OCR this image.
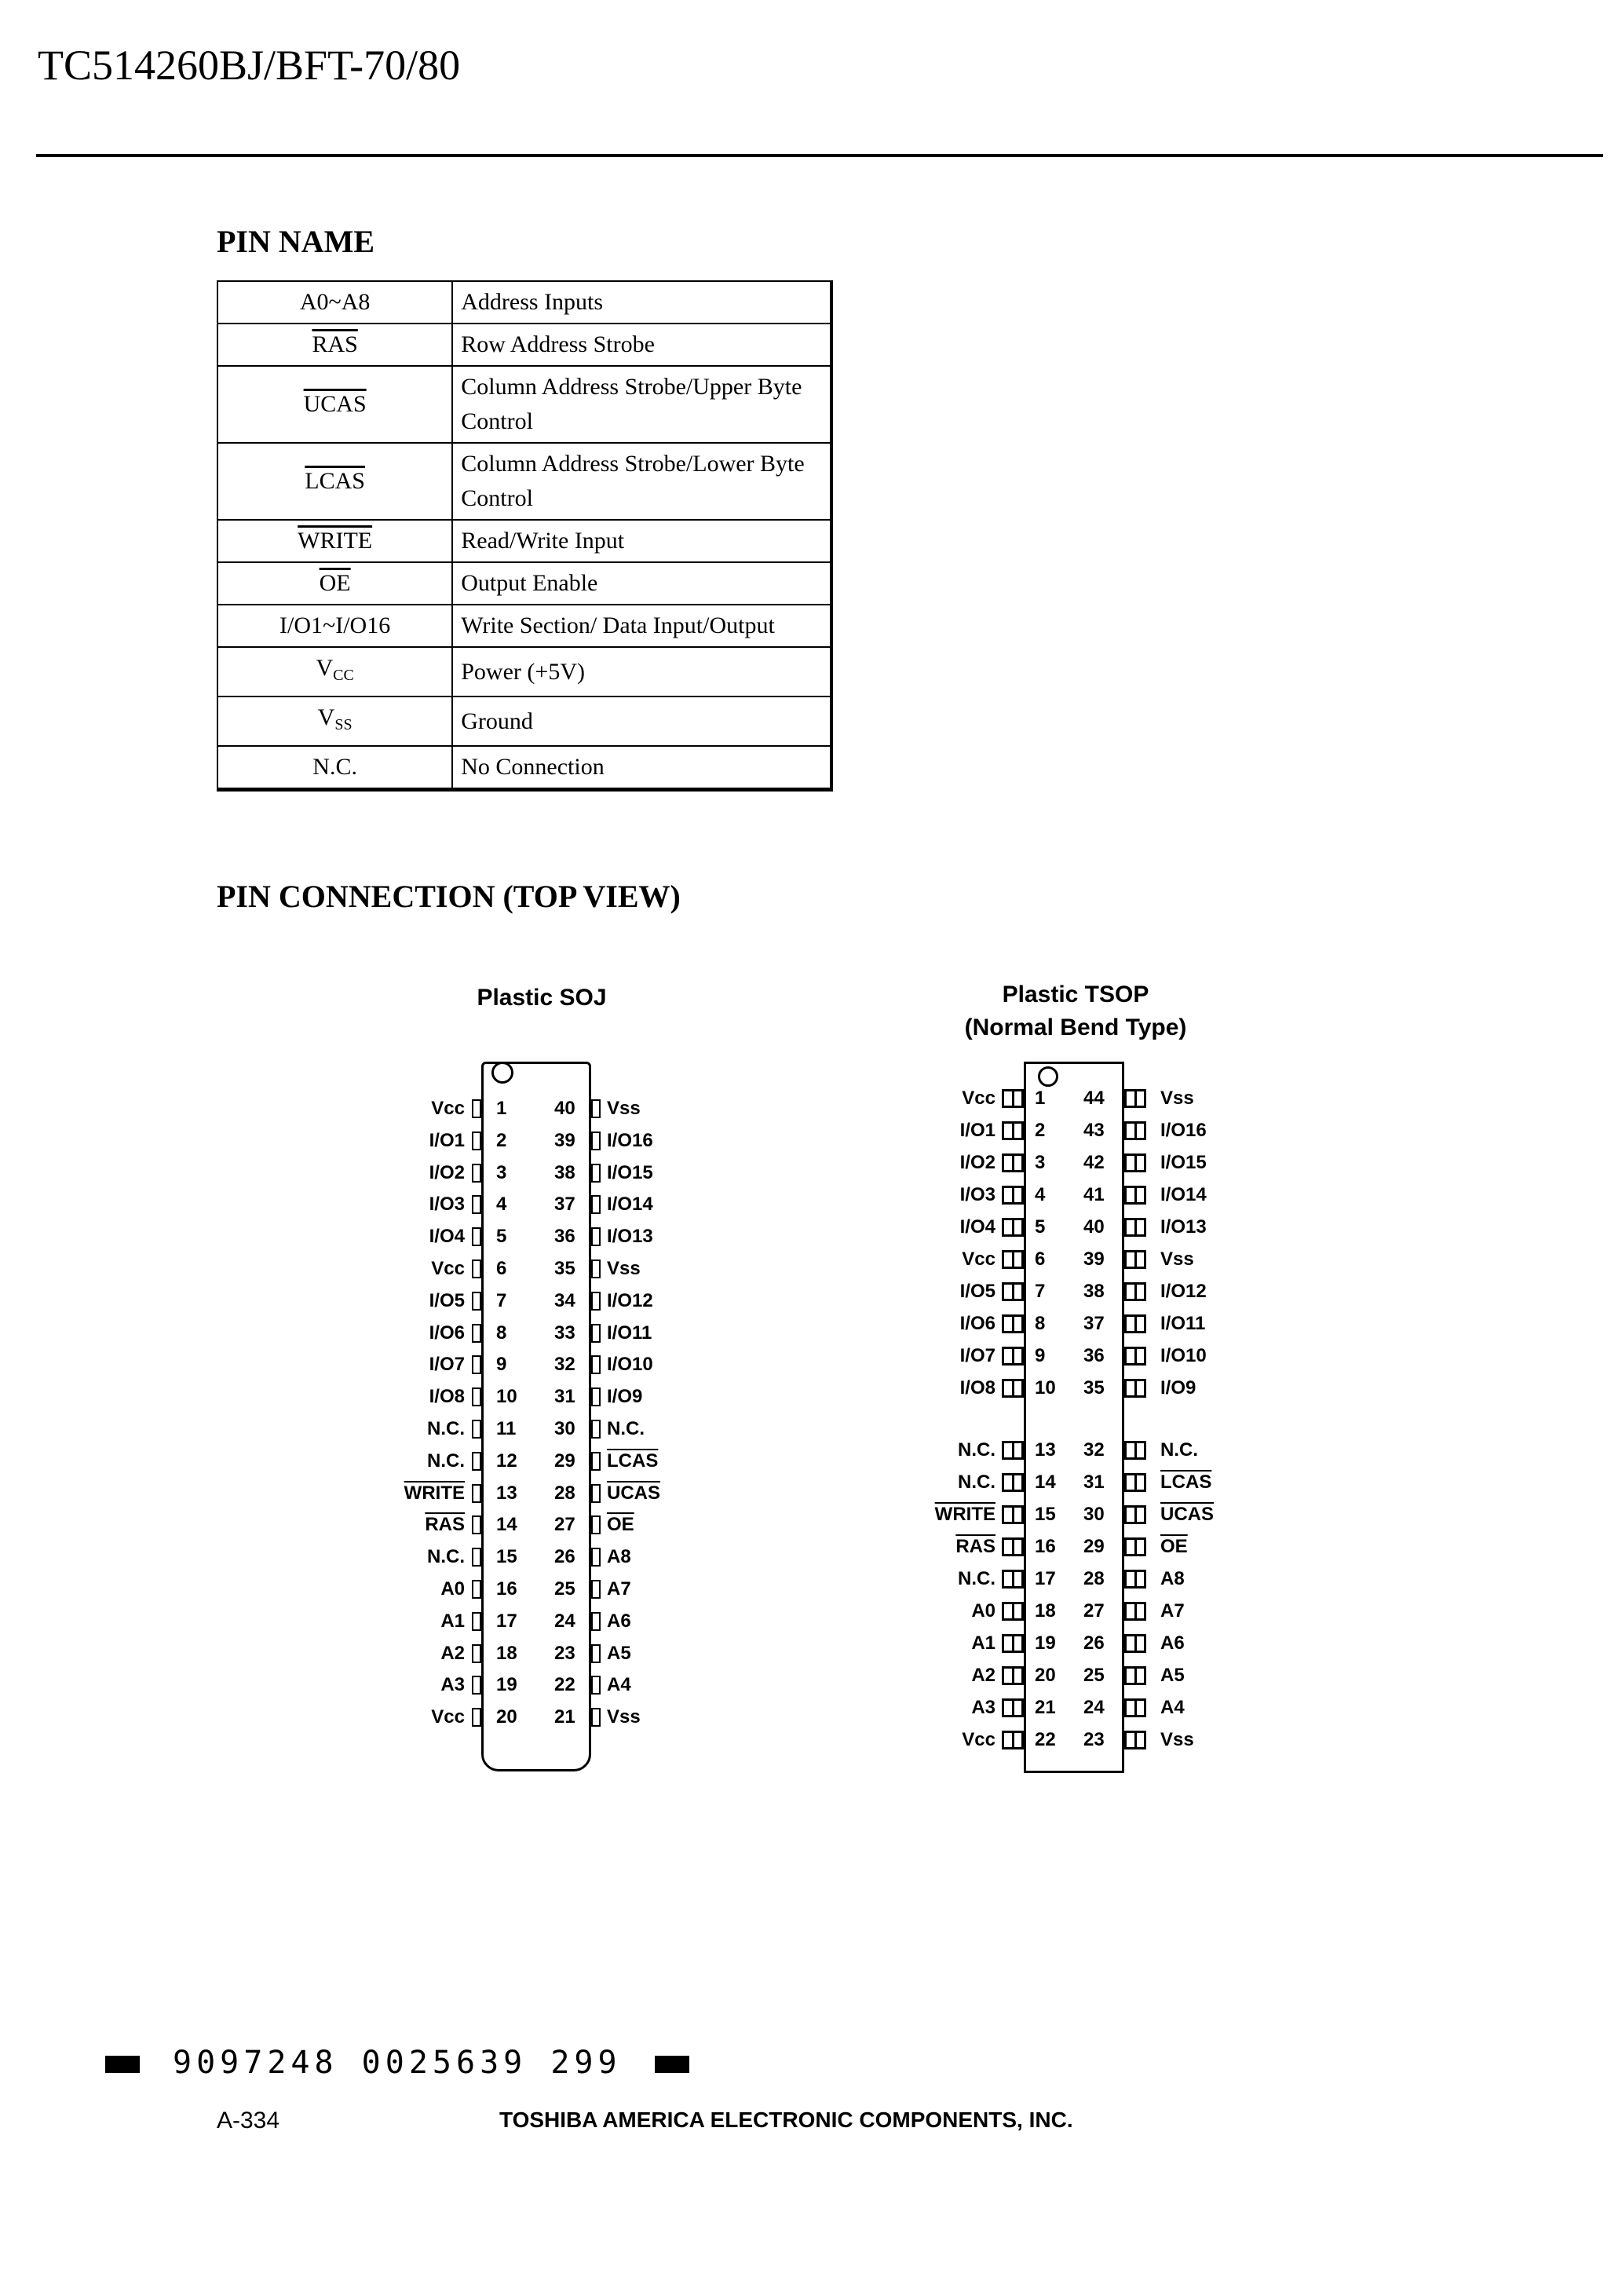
TC514260BJ/BFT-70/80
PIN NAME
A0~A8	Address Inputs
$\overline{RAS}$	Row Address Strobe
UCAS	Column Address Strobe/Upper Byte Control
LCAS	Column Address Strobe/Lower Byte Control
WRITE	Read/Write Input
$\overline{OE}$	Output Enable
I/O1~I/O16	Write Section/ Data Input/Output
$V_{CC}$	Power (+5V)
$V_{SS}$	Ground
N.C.	No Connection
PIN CONNECTION (TOP VIEW)
Plastic SOJ
Vcc 1
I/O1 2
I/O2 3
I/O3 4
I/O4 5
Vcc 6
I/O5 7
I/O6 8
I/O7 9
I/O8 10
N.C. 11
N.C. 12
WRITE 13
$\overline{RAS}$ 14
N.C. 15
A0 16
A1 17
A2 18
A3 19
Vcc 20
40 Vss
39 I/O16
38 I/O15
37 I/O14
36 I/O13
35 Vss
34 I/O12
33 I/O11
32 I/O10
31 I/O9
30 N.C.
29 LCAS
28 UCAS
27 $\overline{OE}$
26 A8
25 A7
24 A6
23 A5
22 A4
21 Vss
Plastic TSOP
(Normal Bend Type)
Vcc 1
I/O1 2
I/O2 3
I/O3 4
I/O4 5
Vcc 6
I/O5 7
I/O6 8
I/O7 9
I/O8 10
N.C. 13
N.C. 14
WRITE 15
$\overline{RAS}$ 16
N.C. 17
A0 18
A1 19
A2 20
A3 21
Vcc 22
44	Vss
43	I/O16
42	I/O15
41	I/O14
40	I/O13
39	Vss
38	I/O12
37	I/O11
36	I/O10
35	I/O9
32	N.C.
31	LCAS
30	UCAS
29	$\overline{OE}$
28	A8
27	A7
26	A6
25	A5
24	A4
23	Vss
9097248 0025639 299
A-334	TOSHIBA AMERICA ELECTRONIC COMPONENTS, INC.
